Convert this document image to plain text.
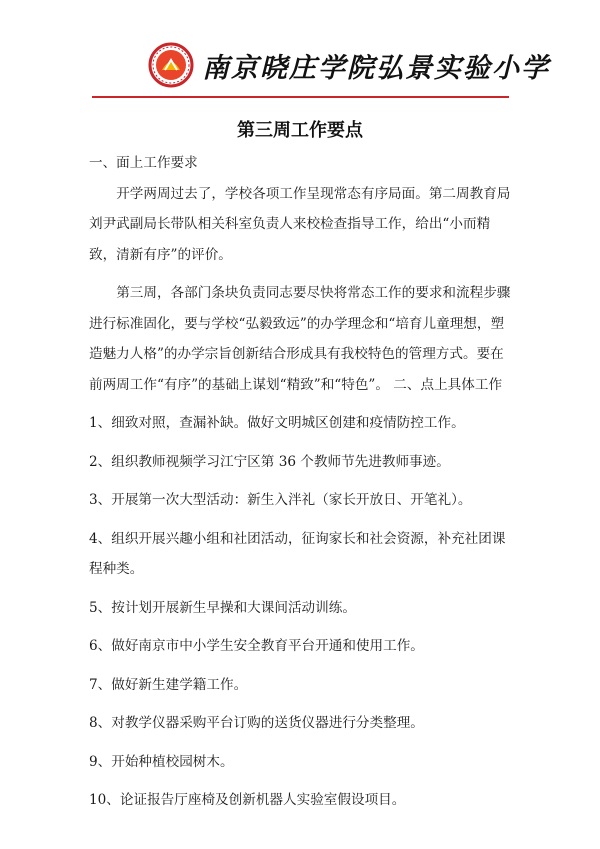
南京晓庄学院弘景实验小学
第三周工作要点

一、面上工作要求

开学两周过去了，学校各项工作呈现常态有序局面。第二周教育局刘尹武副局长带队相关科室负责人来校检查指导工作，给出“小而精致，清新有序”的评价。

第三周，各部门条块负责同志要尽快将常态工作的要求和流程步骤进行标准固化，要与学校“弘毅致远”的办学理念和“培育儿童理想，塑造魅力人格”的办学宗旨创新结合形成具有我校特色的管理方式。要在前两周工作“有序”的基础上谋划“精致”和“特色”。 二、点上具体工作

1、细致对照，查漏补缺。做好文明城区创建和疫情防控工作。

2、组织教师视频学习江宁区第 36 个教师节先进教师事迹。

3、开展第一次大型活动：新生入泮礼（家长开放日、开笔礼）。

4、组织开展兴趣小组和社团活动，征询家长和社会资源，补充社团课程种类。

5、按计划开展新生早操和大课间活动训练。

6、做好南京市中小学生安全教育平台开通和使用工作。

7、做好新生建学籍工作。

8、对教学仪器采购平台订购的送货仪器进行分类整理。

9、开始种植校园树木。

10、论证报告厅座椅及创新机器人实验室假设项目。
